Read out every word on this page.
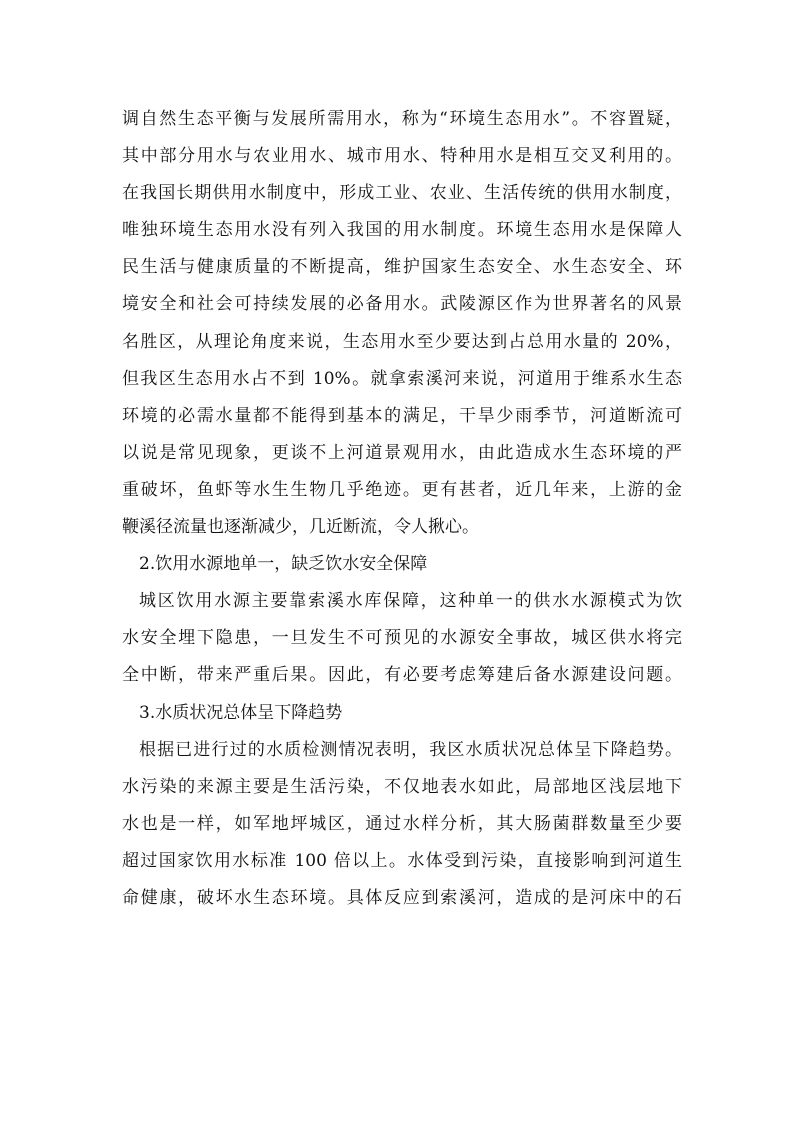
调自然生态平衡与发展所需用水，称为“环境生态用水”。不容置疑，
其中部分用水与农业用水、城市用水、特种用水是相互交叉利用的。
在我国长期供用水制度中，形成工业、农业、生活传统的供用水制度，
唯独环境生态用水没有列入我国的用水制度。环境生态用水是保障人
民生活与健康质量的不断提高，维护国家生态安全、水生态安全、环
境安全和社会可持续发展的必备用水。武陵源区作为世界著名的风景
名胜区，从理论角度来说，生态用水至少要达到占总用水量的 20%，
但我区生态用水占不到 10%。就拿索溪河来说，河道用于维系水生态
环境的必需水量都不能得到基本的满足，干旱少雨季节，河道断流可
以说是常见现象，更谈不上河道景观用水，由此造成水生态环境的严
重破坏，鱼虾等水生生物几乎绝迹。更有甚者，近几年来，上游的金
鞭溪径流量也逐渐减少，几近断流，令人揪心。
2.饮用水源地单一，缺乏饮水安全保障
城区饮用水源主要靠索溪水库保障，这种单一的供水水源模式为饮
水安全埋下隐患，一旦发生不可预见的水源安全事故，城区供水将完
全中断，带来严重后果。因此，有必要考虑筹建后备水源建设问题。
3.水质状况总体呈下降趋势
根据已进行过的水质检测情况表明，我区水质状况总体呈下降趋势。
水污染的来源主要是生活污染，不仅地表水如此，局部地区浅层地下
水也是一样，如军地坪城区，通过水样分析，其大肠菌群数量至少要
超过国家饮用水标准 100 倍以上。水体受到污染，直接影响到河道生
命健康，破坏水生态环境。具体反应到索溪河，造成的是河床中的石
